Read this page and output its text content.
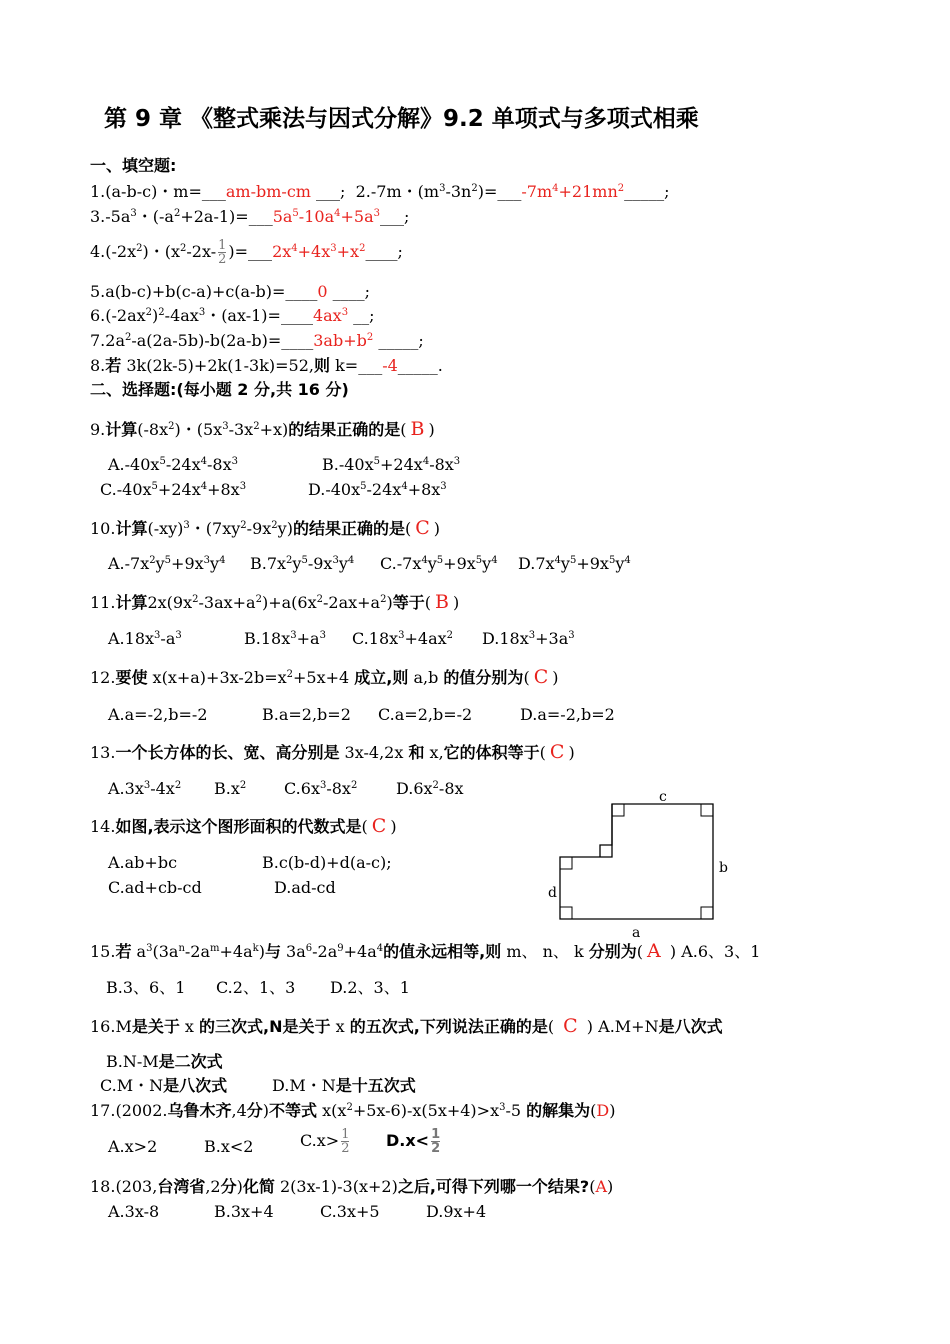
第 9 章 《整式乘法与因式分解》9.2 单项式与多项式相乘
一、填空题:
1.(a-b-c)・m=___am-bm-cm ___; 2.-7m・$(m^3-3n^2)=\_\_\_-7m^4+21mn^2\_\_\_\_\_$;
$3.-5a^3$・$(-a^2+2a-1)=\_\_\_5a^5-10a^4+5a^3\_\_\_$;
$4.(-2x^2)$・($x^2-2x- \frac{1}{2}$ )$=\_\_\_2x^4+4x^3+x^2\_\_\_\_$;
5.a(b-c)+b(c-a)+c(a-b)=____0 ____;
$6.(-2ax^2)^2-4ax^3$・$(ax-1)=\_\_\_\_4ax^3$ __;
$7.2a^2-a(2a-5b)-b(2a-b)=\_\_\_\_3ab+b^2$ _____;
8.若 3k(2k-5)+2k(1-3k)=52,则 k=___-4_____.
二、选择题:(每小题 2 分,共 16 分)
9.计算$(-8x^2)$・$(5x^3-3x^2+x)$的结果正确的是( B )
$A.-40x^5-24x^4-8x^3$	$B.-40x^5+24x^4-8x^3$
$C.-40x^5+24x^4+8x^3$	$D.-40x^5-24x^4+8x^3$
10.计算$(-xy)^3$・$(7xy^2-9x^2y)$的结果正确的是( C )
$A.-7x^2y^5+9x^3y^4$ $B.7x^2y^5-9x^3y^4$ $C.-7x^4y^5+9x^5y^4$ $D.7x^4y^5+9x^5y^4$
11.计算$2x(9x^2-3ax+a^2)+a(6x^2-2ax+a^2)$等于( B )
$A.18x^3-a^3$	$B.18x^3+a^3$ $C.18x^3+4ax^2$ $D.18x^3+3a^3$
12.要使 $x(x+a)+3x-2b=x^2+5x+4$ 成立,则 a,b 的值分别为( C )
A.a=-2,b=-2	B.a=2,b=2 C.a=2,b=-2	D.a=-2,b=2
13.一个长方体的长、宽、高分别是 3x-4,2x 和 x,它的体积等于( C )
$A.3x^3-4x^2$ $B.x^2$ $C.6x^3-8x^2$ $D.6x^2-8x$
14.如图,表示这个图形面积的代数式是( C )
A.ab+bc	B.c(b-d)+d(a-c);
C.ad+cb-cd	D.ad-cd
c
b
d
a
15.若 $a^3(3a^n-2a^m+4a^k)$与 $3a^6-2a^9+4a^4$的值永远相等,则 m、 n、 k 分别为( A ) A.6、3、1
B.3、6、1 C.2、1、3 D.2、3、1
16.M是关于 x 的三次式,N是关于 x 的五次式,下列说法正确的是( C ) A.M+N是八次式
B.N-M是二次式
C.M・N是八次式	D.M・N是十五次式
17.(2002.乌鲁木齐,4分)不等式 $x(x^2+5x-6)-x(5x+4)>x^3-5$ 的解集为(D)
A.x>2	B.x<2	$C.x> \frac{1}{2} D.x< \frac{1}{2}$
18.(203,台湾省,2分)化简 2(3x-1)-3(x+2)之后,可得下列哪一个结果?(A)
A.3x-8	B.3x+4	C.3x+5	D.9x+4
